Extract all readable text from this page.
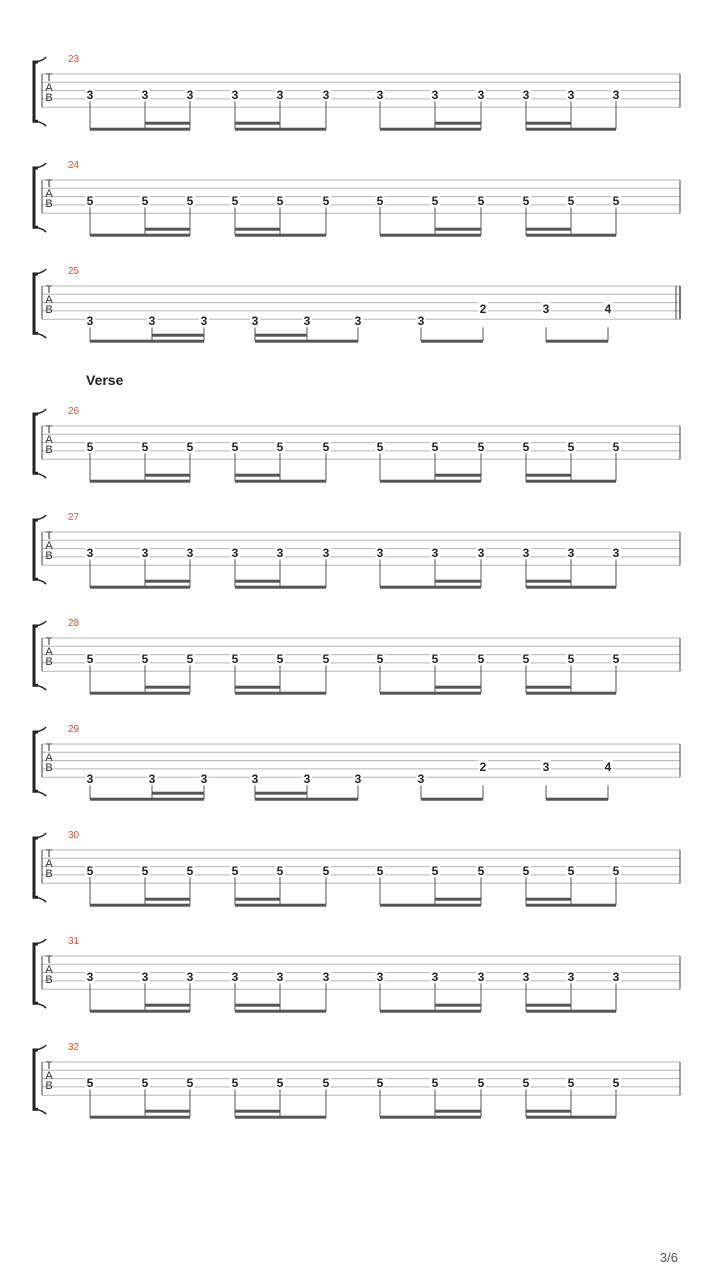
23
T
A
B	3	3	3	3	3	3	3	3	3	3	3	3
24
T
A
B	5	5	5	5	5	5	5	5	5	5	5	5
25
T
A
B
3	3	3	3	3	3	3
2	3	4
Verse
26
T
A
B	5	5	5	5	5	5	5	5	5	5	5	5
27
T
A
B	3	3	3	3	3	3	3	3	3	3	3	3
28
T
A
B	5	5	5	5	5	5	5	5	5	5	5	5
29
T
A
B
3	3	3	3	3	3	3
2	3	4
30
T
A
B	5	5	5	5	5	5	5	5	5	5	5	5
31
T
A
B	3	3	3	3	3	3	3	3	3	3	3	3
32
T
A
B	5	5	5	5	5	5	5	5	5	5	5	5
3/6
